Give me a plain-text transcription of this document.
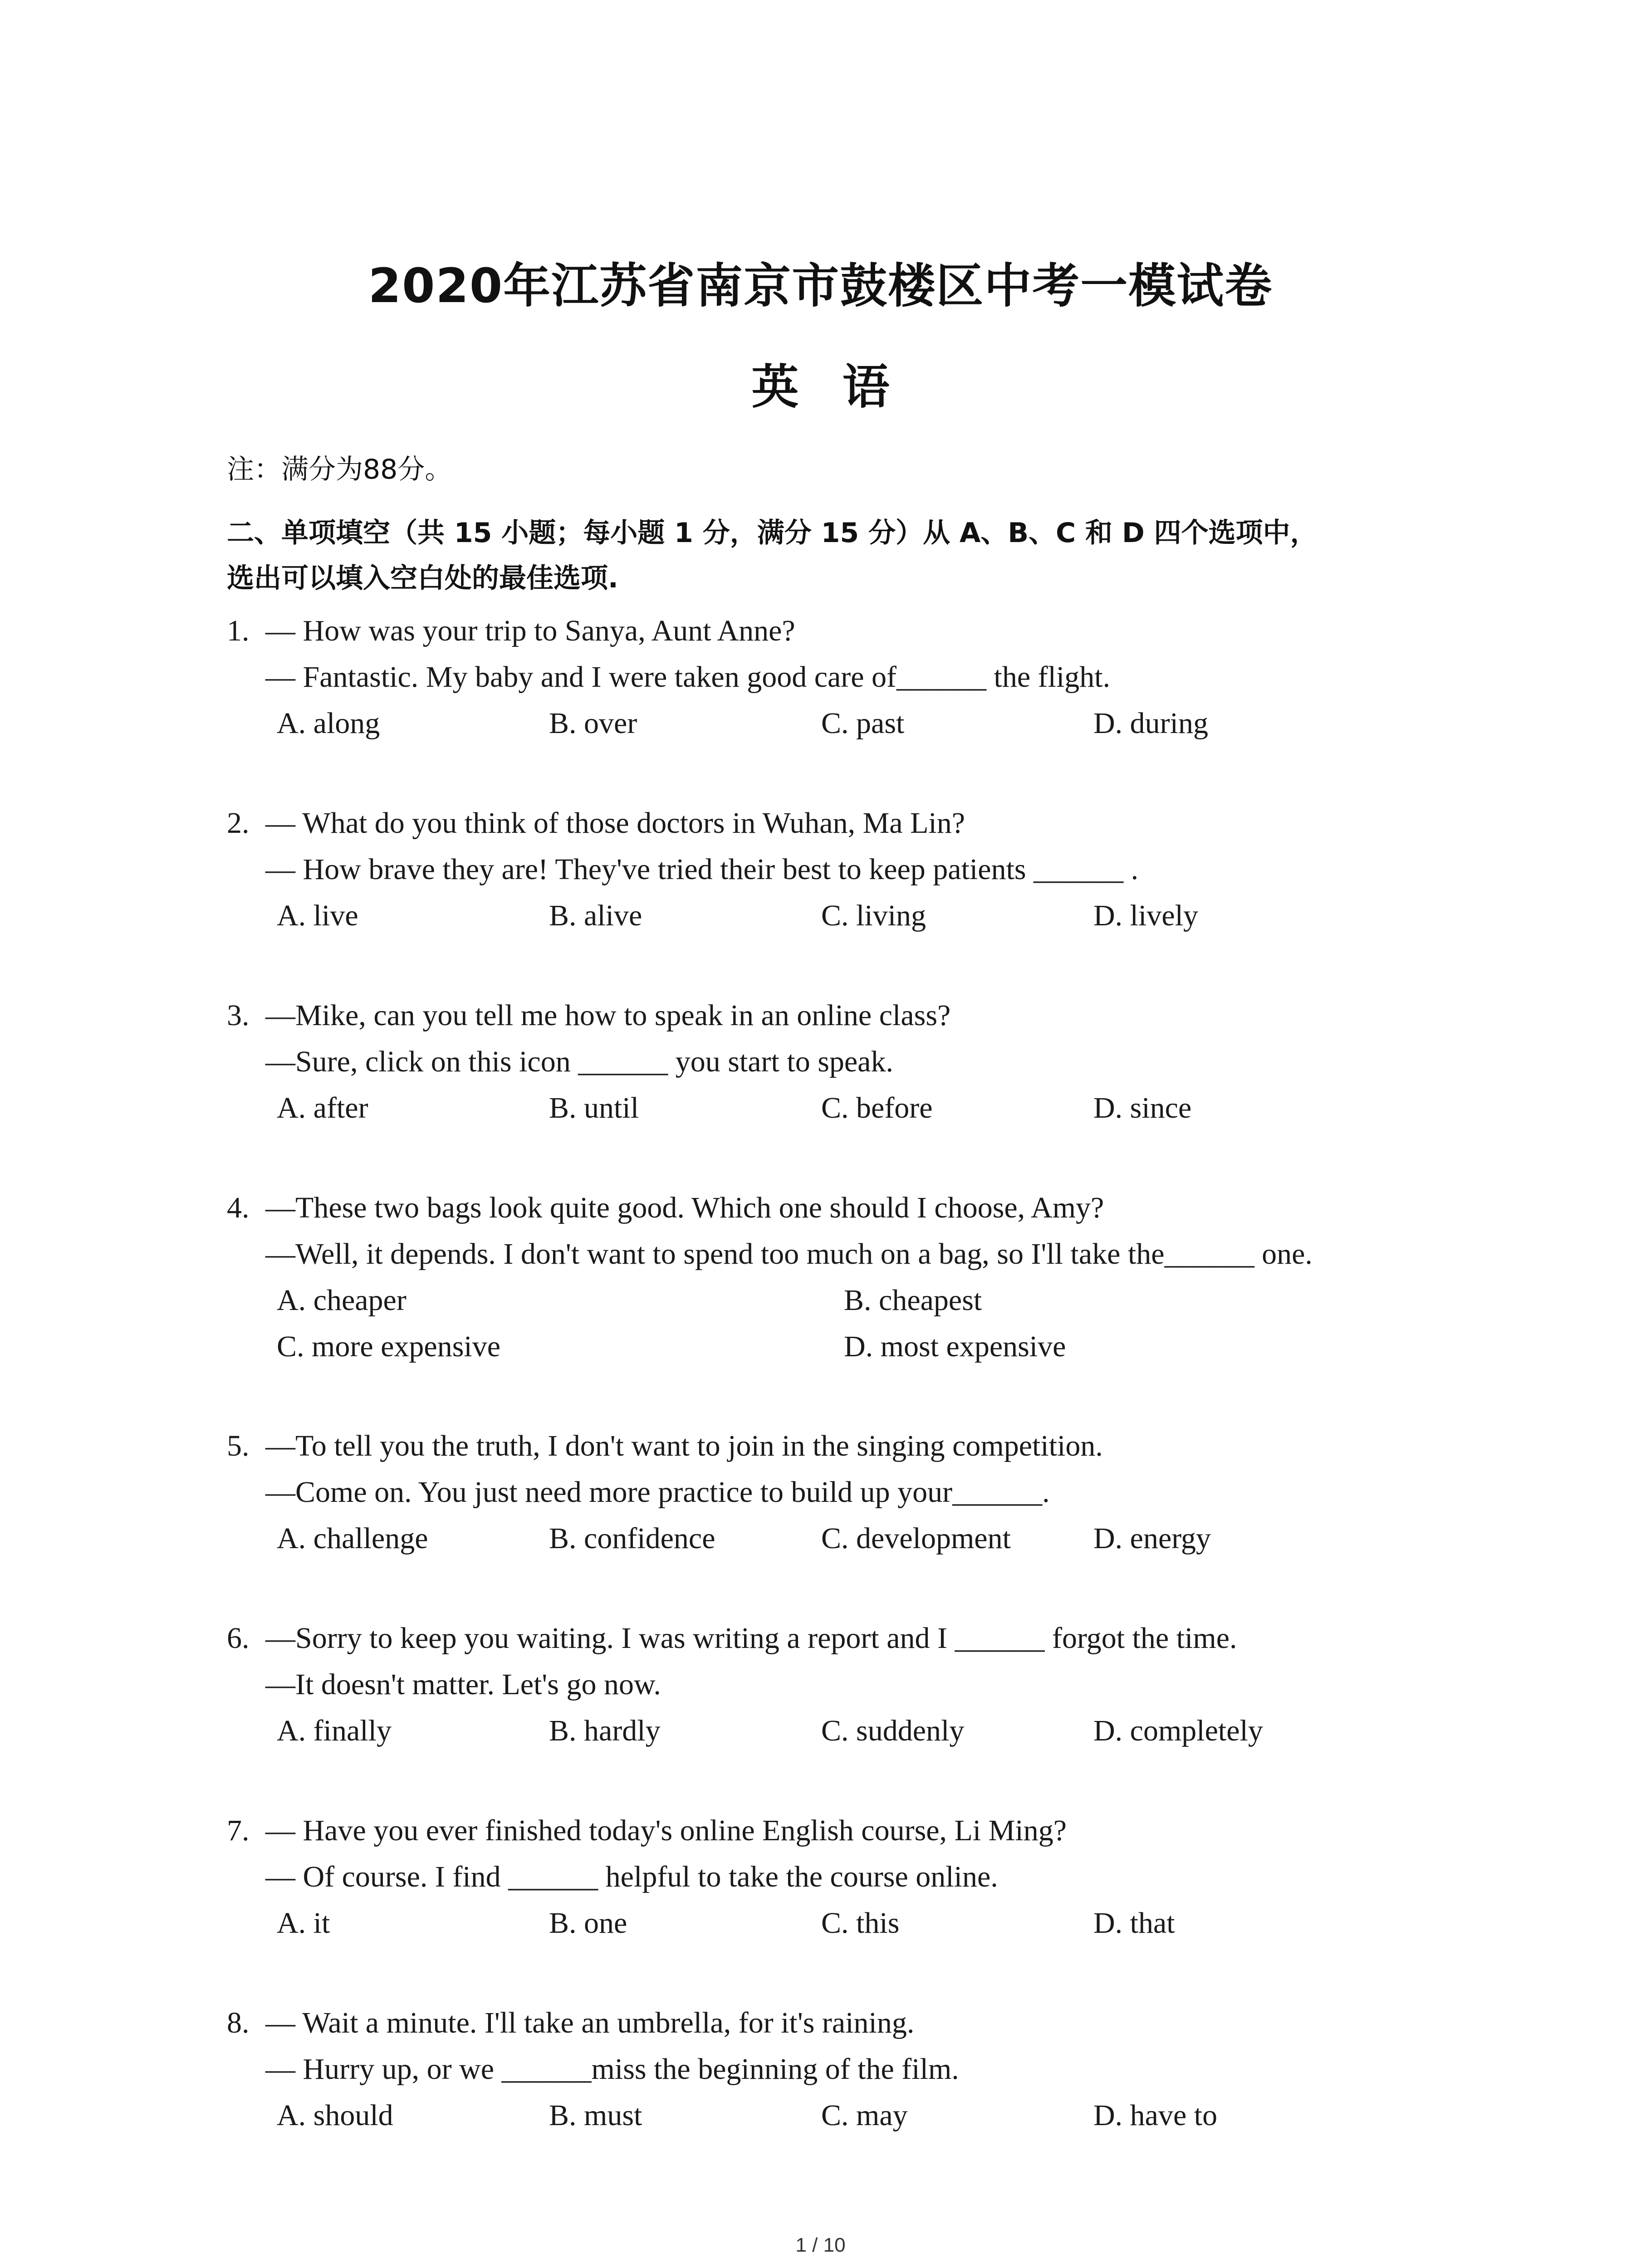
2020年江苏省南京市鼓楼区中考一模试卷
英 语
注：满分为88分。
二、单项填空（共 15 小题；每小题 1 分，满分 15 分）从 A、B、C 和 D 四个选项中，
选出可以填入空白处的最佳选项.
1. — How was your trip to Sanya, Aunt Anne?
— Fantastic. My baby and I were taken good care of______ the flight.
A. along	B. over	C. past	D. during
2. — What do you think of those doctors in Wuhan, Ma Lin?
— How brave they are! They've tried their best to keep patients ______ .
A. live	B. alive	C. living	D. lively
3. —Mike, can you tell me how to speak in an online class?
—Sure, click on this icon ______ you start to speak.
A. after	B. until	C. before	D. since
4. —These two bags look quite good. Which one should I choose, Amy?
—Well, it depends. I don't want to spend too much on a bag, so I'll take the______ one.
A. cheaper	B. cheapest
C. more expensive	D. most expensive
5. —To tell you the truth, I don't want to join in the singing competition.
—Come on. You just need more practice to build up your______.
A. challenge	B. confidence	C. development	D. energy
6. —Sorry to keep you waiting. I was writing a report and I ______ forgot the time.
—It doesn't matter. Let's go now.
A. finally	B. hardly	C. suddenly	D. completely
7. — Have you ever finished today's online English course, Li Ming?
— Of course. I find ______ helpful to take the course online.
A. it	B. one	C. this	D. that
8. — Wait a minute. I'll take an umbrella, for it's raining.
— Hurry up, or we ______miss the beginning of the film.
A. should	B. must	C. may	D. have to
1 / 10
